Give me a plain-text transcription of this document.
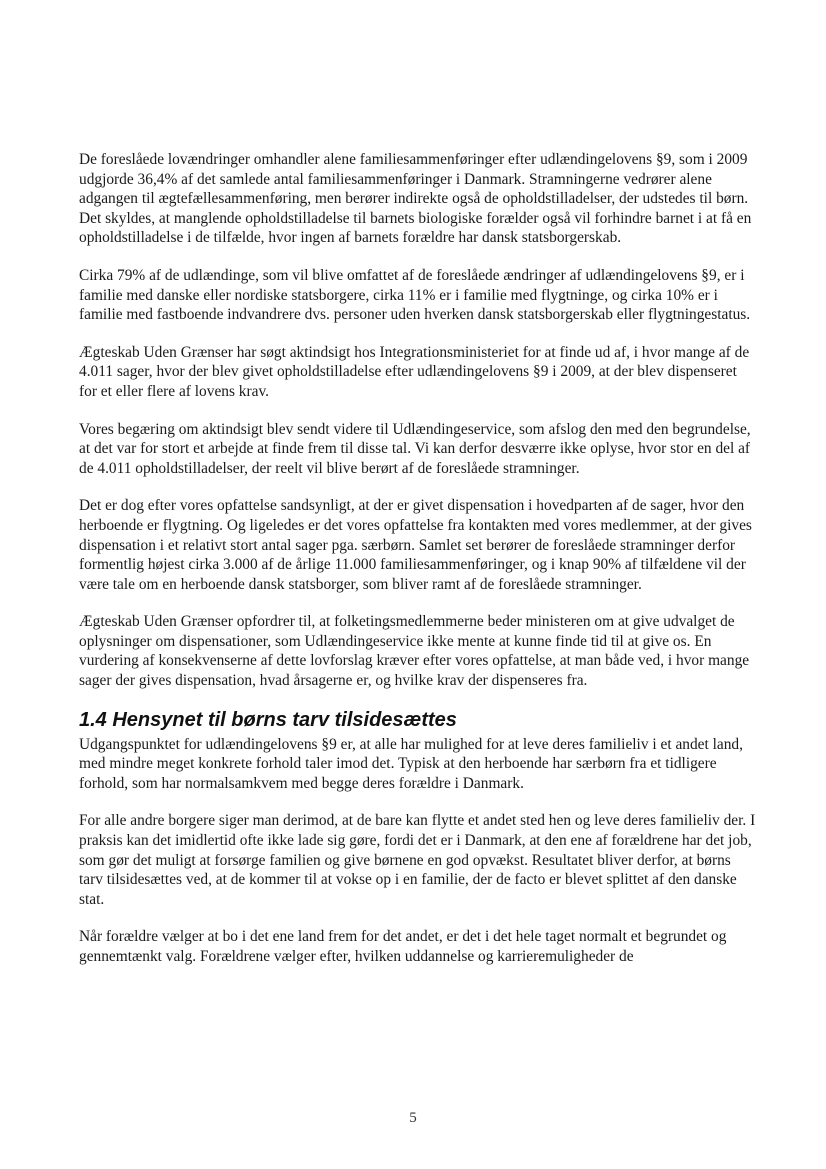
De foreslåede lovændringer omhandler alene familiesammenføringer efter udlændingelovens §9, som i 2009 udgjorde 36,4% af det samlede antal familiesammenføringer i Danmark. Stramningerne vedrører alene adgangen til ægtefællesammenføring, men berører indirekte også de opholdstilladelser, der udstedes til børn. Det skyldes, at manglende opholdstilladelse til barnets biologiske forælder også vil forhindre barnet i at få en opholdstilladelse i de tilfælde, hvor ingen af barnets forældre har dansk statsborgerskab.

Cirka 79% af de udlændinge, som vil blive omfattet af de foreslåede ændringer af udlændingelovens §9, er i familie med danske eller nordiske statsborgere, cirka 11% er i familie med flygtninge, og cirka 10% er i familie med fastboende indvandrere dvs. personer uden hverken dansk statsborgerskab eller flygtningestatus.

Ægteskab Uden Grænser har søgt aktindsigt hos Integrationsministeriet for at finde ud af, i hvor mange af de 4.011 sager, hvor der blev givet opholdstilladelse efter udlændingelovens §9 i 2009, at der blev dispenseret for et eller flere af lovens krav.

Vores begæring om aktindsigt blev sendt videre til Udlændingeservice, som afslog den med den begrundelse, at det var for stort et arbejde at finde frem til disse tal. Vi kan derfor desværre ikke oplyse, hvor stor en del af de 4.011 opholdstilladelser, der reelt vil blive berørt af de foreslåede stramninger.

Det er dog efter vores opfattelse sandsynligt, at der er givet dispensation i hovedparten af de sager, hvor den herboende er flygtning. Og ligeledes er det vores opfattelse fra kontakten med vores medlemmer, at der gives dispensation i et relativt stort antal sager pga. særbørn. Samlet set berører de foreslåede stramninger derfor formentlig højest cirka 3.000 af de årlige 11.000 familiesammenføringer, og i knap 90% af tilfældene vil der være tale om en herboende dansk statsborger, som bliver ramt af de foreslåede stramninger.

Ægteskab Uden Grænser opfordrer til, at folketingsmedlemmerne beder ministeren om at give udvalget de oplysninger om dispensationer, som Udlændingeservice ikke mente at kunne finde tid til at give os. En vurdering af konsekvenserne af dette lovforslag kræver efter vores opfattelse, at man både ved, i hvor mange sager der gives dispensation, hvad årsagerne er, og hvilke krav der dispenseres fra.

1.4 Hensynet til børns tarv tilsidesættes

Udgangspunktet for udlændingelovens §9 er, at alle har mulighed for at leve deres familieliv i et andet land, med mindre meget konkrete forhold taler imod det. Typisk at den herboende har særbørn fra et tidligere forhold, som har normalsamkvem med begge deres forældre i Danmark.

For alle andre borgere siger man derimod, at de bare kan flytte et andet sted hen og leve deres familieliv der. I praksis kan det imidlertid ofte ikke lade sig gøre, fordi det er i Danmark, at den ene af forældrene har det job, som gør det muligt at forsørge familien og give børnene en god opvækst. Resultatet bliver derfor, at børns tarv tilsidesættes ved, at de kommer til at vokse op i en familie, der de facto er blevet splittet af den danske stat.

Når forældre vælger at bo i det ene land frem for det andet, er det i det hele taget normalt et begrundet og gennemtænkt valg. Forældrene vælger efter, hvilken uddannelse og karrieremuligheder de

5
